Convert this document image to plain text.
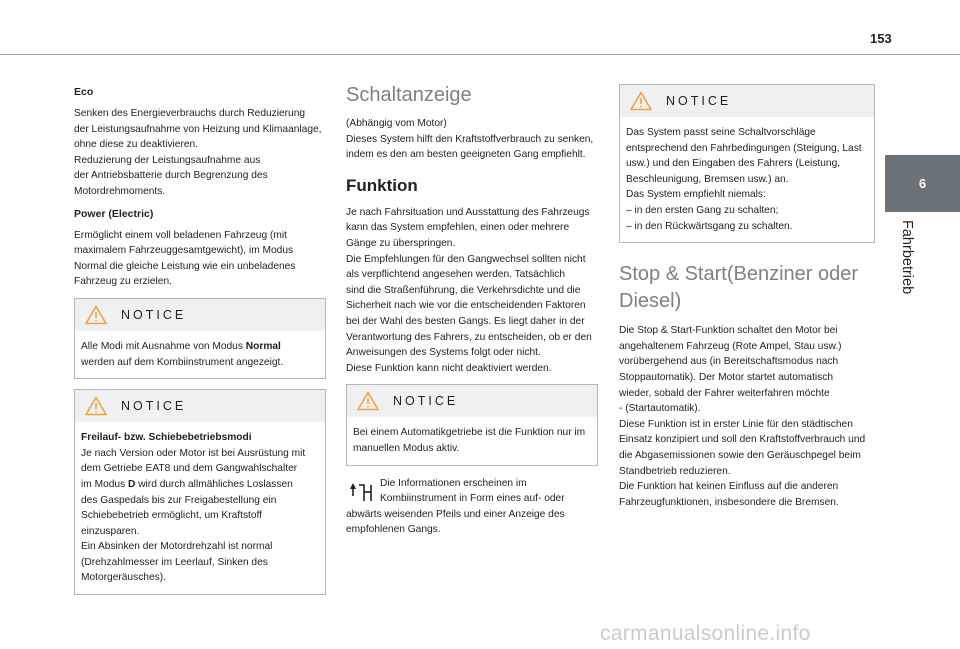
153
6
Fahrbetrieb
Eco
Senken des Energieverbrauchs durch Reduzierung
der Leistungsaufnahme von Heizung und Klimaanlage,
ohne diese zu deaktivieren.
Reduzierung der Leistungsaufnahme aus
der Antriebsbatterie durch Begrenzung des
Motordrehmoments.
Power (Electric)
Ermöglicht einem voll beladenen Fahrzeug (mit
maximalem Fahrzeuggesamtgewicht), im Modus
Normal die gleiche Leistung wie ein unbeladenes
Fahrzeug zu erzielen.
NOTICE
Alle Modi mit Ausnahme von Modus Normal
werden auf dem Kombiinstrument angezeigt.
NOTICE
Freilauf- bzw. Schiebebetriebsmodi
Je nach Version oder Motor ist bei Ausrüstung mit
dem Getriebe EAT8 und dem Gangwahlschalter
im Modus D wird durch allmähliches Loslassen
des Gaspedals bis zur Freigabestellung ein
Schiebebetrieb ermöglicht, um Kraftstoff
einzusparen.
Ein Absinken der Motordrehzahl ist normal
(Drehzahlmesser im Leerlauf, Sinken des
Motorgeräusches).
Schaltanzeige
(Abhängig vom Motor)
Dieses System hilft den Kraftstoffverbrauch zu senken,
indem es den am besten geeigneten Gang empfiehlt.
Funktion
Je nach Fahrsituation und Ausstattung des Fahrzeugs
kann das System empfehlen, einen oder mehrere
Gänge zu überspringen.
Die Empfehlungen für den Gangwechsel sollten nicht
als verpflichtend angesehen werden. Tatsächlich
sind die Straßenführung, die Verkehrsdichte und die
Sicherheit nach wie vor die entscheidenden Faktoren
bei der Wahl des besten Gangs. Es liegt daher in der
Verantwortung des Fahrers, zu entscheiden, ob er den
Anweisungen des Systems folgt oder nicht.
Diese Funktion kann nicht deaktiviert werden.
NOTICE
Bei einem Automatikgetriebe ist die Funktion nur im
manuellen Modus aktiv.
Die Informationen erscheinen im
Kombiinstrument in Form eines auf- oder
abwärts weisenden Pfeils und einer Anzeige des
empfohlenen Gangs.
NOTICE
Das System passt seine Schaltvorschläge
entsprechend den Fahrbedingungen (Steigung, Last
usw.) und den Eingaben des Fahrers (Leistung,
Beschleunigung, Bremsen usw.) an.
Das System empfiehlt niemals:
– in den ersten Gang zu schalten;
– in den Rückwärtsgang zu schalten.
Stop & Start(Benziner oder
Diesel)
Die Stop & Start-Funktion schaltet den Motor bei
angehaltenem Fahrzeug (Rote Ampel, Stau usw.)
vorübergehend aus (in Bereitschaftsmodus nach
Stoppautomatik). Der Motor startet automatisch
wieder, sobald der Fahrer weiterfahren möchte
- (Startautomatik).
Diese Funktion ist in erster Linie für den städtischen
Einsatz konzipiert und soll den Kraftstoffverbrauch und
die Abgasemissionen sowie den Geräuschpegel beim
Standbetrieb reduzieren.
Die Funktion hat keinen Einfluss auf die anderen
Fahrzeugfunktionen, insbesondere die Bremsen.
carmanualsonline.info
